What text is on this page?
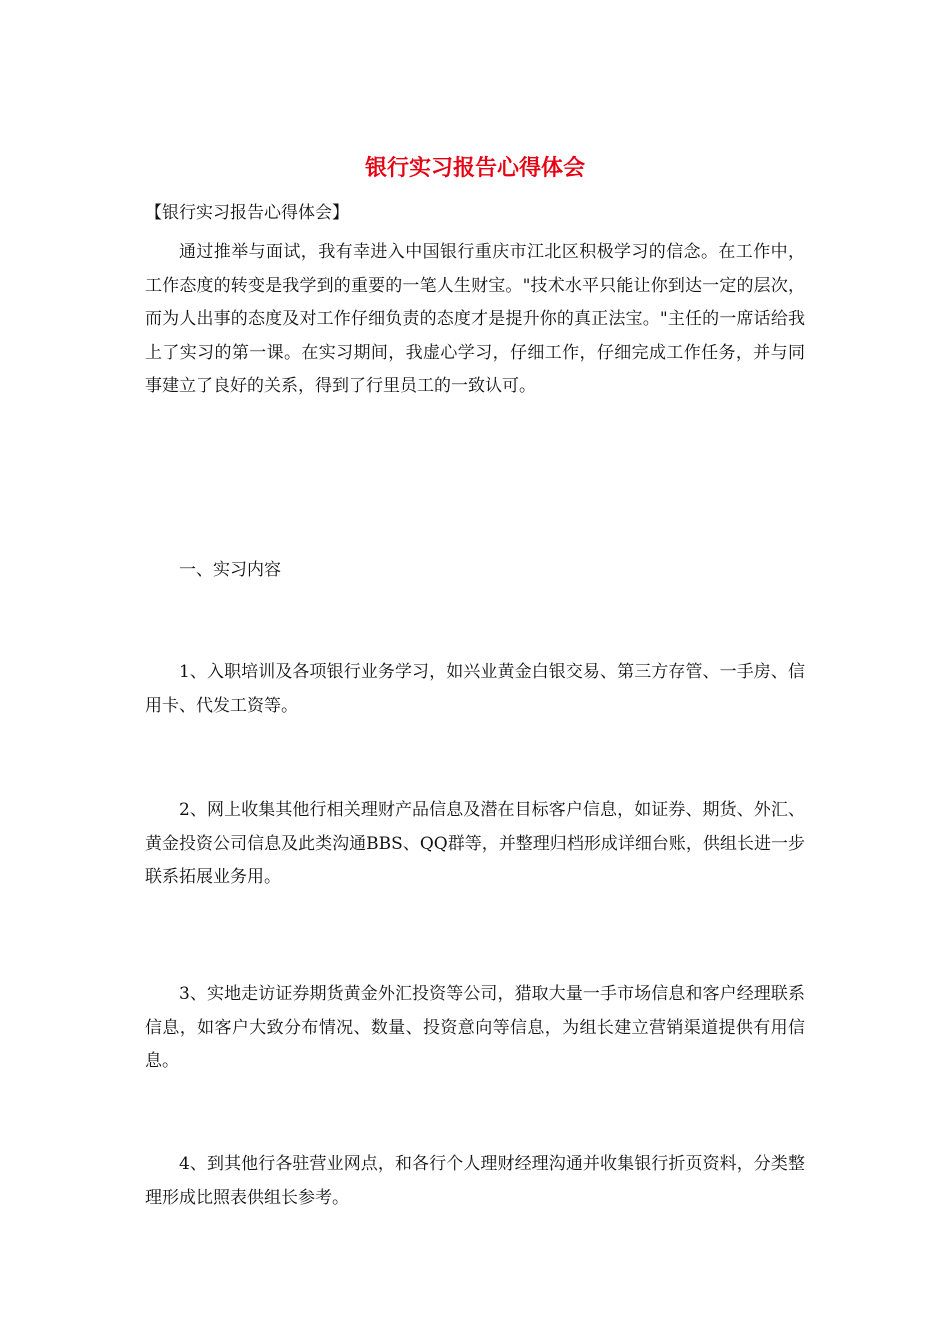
银行实习报告心得体会

【银行实习报告心得体会】

通过推举与面试，我有幸进入中国银行重庆市江北区积极学习的信念。在工作中，工作态度的转变是我学到的重要的一笔人生财宝。"技术水平只能让你到达一定的层次，而为人出事的态度及对工作仔细负责的态度才是提升你的真正法宝。"主任的一席话给我上了实习的第一课。在实习期间，我虚心学习，仔细工作，仔细完成工作任务，并与同事建立了良好的关系，得到了行里员工的一致认可。

一、实习内容

1、入职培训及各项银行业务学习，如兴业黄金白银交易、第三方存管、一手房、信用卡、代发工资等。

2、网上收集其他行相关理财产品信息及潜在目标客户信息，如证券、期货、外汇、黄金投资公司信息及此类沟通BBS、QQ群等，并整理归档形成详细台账，供组长进一步联系拓展业务用。

3、实地走访证券期货黄金外汇投资等公司，猎取大量一手市场信息和客户经理联系信息，如客户大致分布情况、数量、投资意向等信息，为组长建立营销渠道提供有用信息。

4、到其他行各驻营业网点，和各行个人理财经理沟通并收集银行折页资料，分类整理形成比照表供组长参考。
